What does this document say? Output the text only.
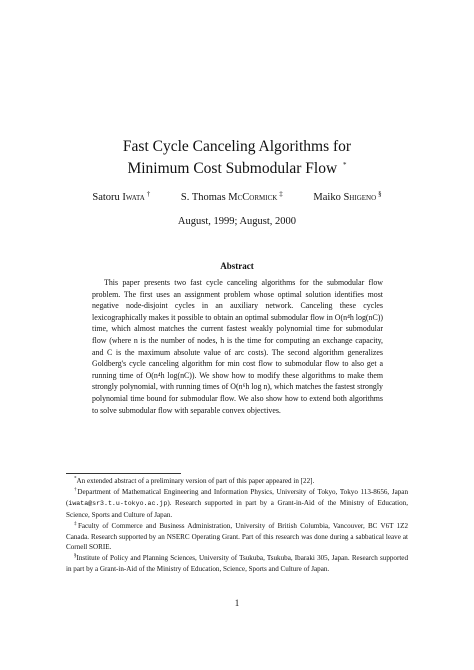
Fast Cycle Canceling Algorithms for
Minimum Cost Submodular Flow *
Satoru Iwata †	S. Thomas McCormick ‡	Maiko Shigeno §
August, 1999; August, 2000
Abstract

This paper presents two fast cycle canceling algorithms for the submodular flow problem. The first uses an assignment problem whose optimal solution identifies most negative node-disjoint cycles in an auxiliary network. Canceling these cycles lexicographically makes it possible to obtain an optimal submodular flow in O(n⁴h log(nC)) time, which almost matches the current fastest weakly polynomial time for submodular flow (where n is the number of nodes, h is the time for computing an exchange capacity, and C is the maximum absolute value of arc costs). The second algorithm generalizes Goldberg's cycle canceling algorithm for min cost flow to submodular flow to also get a running time of O(n⁴h log(nC)). We show how to modify these algorithms to make them strongly polynomial, with running times of O(n⁶h log n), which matches the fastest strongly polynomial time bound for submodular flow. We also show how to extend both algorithms to solve submodular flow with separable convex objectives.

*An extended abstract of a preliminary version of part of this paper appeared in [22].

†Department of Mathematical Engineering and Information Physics, University of Tokyo, Tokyo 113-8656, Japan (iwata@sr3.t.u-tokyo.ac.jp). Research supported in part by a Grant-in-Aid of the Ministry of Education, Science, Sports and Culture of Japan.

‡Faculty of Commerce and Business Administration, University of British Columbia, Vancouver, BC V6T 1Z2 Canada. Research supported by an NSERC Operating Grant. Part of this research was done during a sabbatical leave at Cornell SORIE.

§Institute of Policy and Planning Sciences, University of Tsukuba, Tsukuba, Ibaraki 305, Japan. Research supported in part by a Grant-in-Aid of the Ministry of Education, Science, Sports and Culture of Japan.

1
